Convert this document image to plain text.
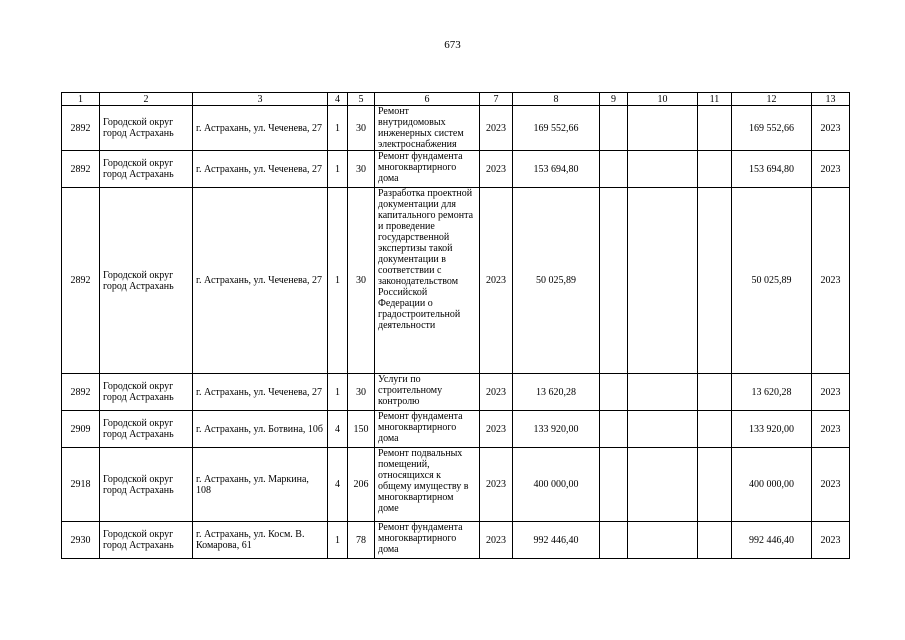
673
1	2	3	4	5	6	7	8	9	10	11	12	13
2892	Городской округ город Астрахань	г. Астрахань, ул. Чеченева, 27	1	30	Ремонт внутридомовых инженерных систем электроснабжения	2023	169 552,66				169 552,66	2023
2892	Городской округ город Астрахань	г. Астрахань, ул. Чеченева, 27	1	30	Ремонт фундамента многоквартирного дома	2023	153 694,80				153 694,80	2023
2892	Городской округ город Астрахань	г. Астрахань, ул. Чеченева, 27	1	30	Разработка проектной документации для капитального ремонта и проведение государственной экспертизы такой документации в соответствии с законодательством Российской Федерации о градостроительной деятельности	2023	50 025,89				50 025,89	2023
2892	Городской округ город Астрахань	г. Астрахань, ул. Чеченева, 27	1	30	Услуги по строительному контролю	2023	13 620,28				13 620,28	2023
2909	Городской округ город Астрахань	г. Астрахань, ул. Ботвина, 10б	4	150	Ремонт фундамента многоквартирного дома	2023	133 920,00				133 920,00	2023
2918	Городской округ город Астрахань	г. Астрахань, ул. Маркина, 108	4	206	Ремонт подвальных помещений, относящихся к общему имуществу в многоквартирном доме	2023	400 000,00				400 000,00	2023
2930	Городской округ город Астрахань	г. Астрахань, ул. Косм. В. Комарова, 61	1	78	Ремонт фундамента многоквартирного дома	2023	992 446,40				992 446,40	2023
